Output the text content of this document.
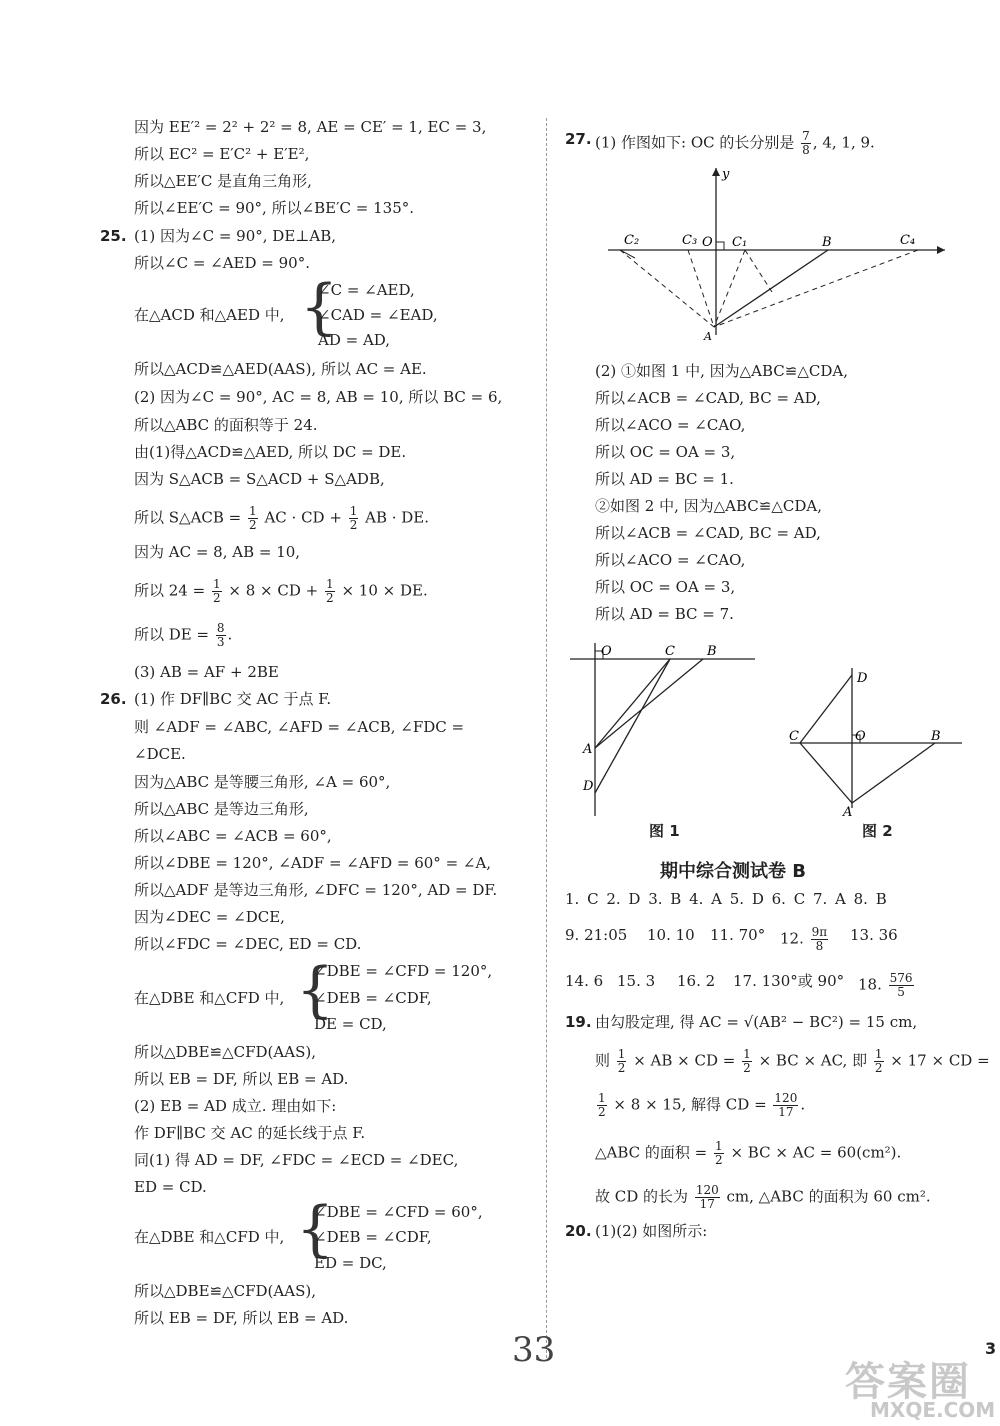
因为 EE′² = 2² + 2² = 8, AE = CE′ = 1, EC = 3,
所以 EC² = E′C² + E′E²,
所以△EE′C 是直角三角形,
所以∠EE′C = 90°, 所以∠BE′C = 135°.
25. (1) 因为∠C = 90°, DE⊥AB,
所以∠C = ∠AED = 90°.
在△ACD 和△AED 中, {
∠C = ∠AED,
∠CAD = ∠EAD,
AD = AD,
所以△ACD≌△AED(AAS), 所以 AC = AE.
(2) 因为∠C = 90°, AC = 8, AB = 10, 所以 BC = 6,
所以△ABC 的面积等于 24.
由(1)得△ACD≌△AED, 所以 DC = DE.
因为 S△ACB = S△ACD + S△ADB,
所以 S△ACB = $\frac{1}{2}$ AC · CD + $\frac{1}{2}$ AB · DE.
因为 AC = 8, AB = 10,
所以 $24 = \frac{1}{2} \times 8$ × CD + $\frac{1}{2} \times 10$ × DE.
所以 DE = $\frac{8}{3}$ .
(3) AB = AF + 2BE
26. (1) 作 DF∥BC 交 AC 于点 F.
则 ∠ADF = ∠ABC, ∠AFD = ∠ACB, ∠FDC =
∠DCE.
因为△ABC 是等腰三角形, ∠A = 60°,
所以△ABC 是等边三角形,
所以∠ABC = ∠ACB = 60°,
所以∠DBE = 120°, ∠ADF = ∠AFD = 60° = ∠A,
所以△ADF 是等边三角形, ∠DFC = 120°, AD = DF.
因为∠DEC = ∠DCE,
所以∠FDC = ∠DEC, ED = CD.
在△DBE 和△CFD 中, {
∠DBE = ∠CFD = 120°,
∠DEB = ∠CDF,
DE = CD,
所以△DBE≌△CFD(AAS),
所以 EB = DF, 所以 EB = AD.
(2) EB = AD 成立. 理由如下:
作 DF∥BC 交 AC 的延长线于点 F.
同(1) 得 AD = DF, ∠FDC = ∠ECD = ∠DEC,
ED = CD.
在△DBE 和△CFD 中, {
∠DBE = ∠CFD = 60°,
∠DEB = ∠CDF,
ED = DC,
所以△DBE≌△CFD(AAS),
所以 EB = DF, 所以 EB = AD.
27. (1) 作图如下: OC 的长分别是 $\frac{7}{8}$ , 4, 1, 9.
y
C₂	C₃ O C₁	B	C₄
A
(2) ①如图 1 中, 因为△ABC≌△CDA,
所以∠ACB = ∠CAD, BC = AD,
所以∠ACO = ∠CAO,
所以 OC = OA = 3,
所以 AD = BC = 1.
②如图 2 中, 因为△ABC≌△CDA,
所以∠ACB = ∠CAD, BC = AD,
所以∠ACO = ∠CAO,
所以 OC = OA = 3,
所以 AD = BC = 7.
O	C B
A
D
图 1
D
C	O	B
A
图 2
期中综合测试卷 B
1. C 2. D 3. B 4. A 5. D 6. C 7. A 8. B
9. 21:05 10. 10 11. 70° 12. $\frac{9\pi}{8} 13$. 36
14. 6 15. 3 16. 2 17. 130°或 90° 18. $\frac{576}{5}$
19. 由勾股定理, 得 AC = √(AB² − BC²) = 15 cm,
则 $\frac{1}{2}$ × AB × CD = $\frac{1}{2}$ × BC × AC, 即 $\frac{1}{2} \times 17$ × CD =
$\frac{1}{2} \times 8 \times 15$, 解得 CD = $\frac{120}{17}$ .
△ABC 的面积 = $\frac{1}{2}$ × BC × AC = 60(cm²).
故 CD 的长为 $\frac{120}{17}$ cm, △ABC 的面积为 60 cm².
20. (1)(2) 如图所示:
33	3
答案圈
MXQE.COM
